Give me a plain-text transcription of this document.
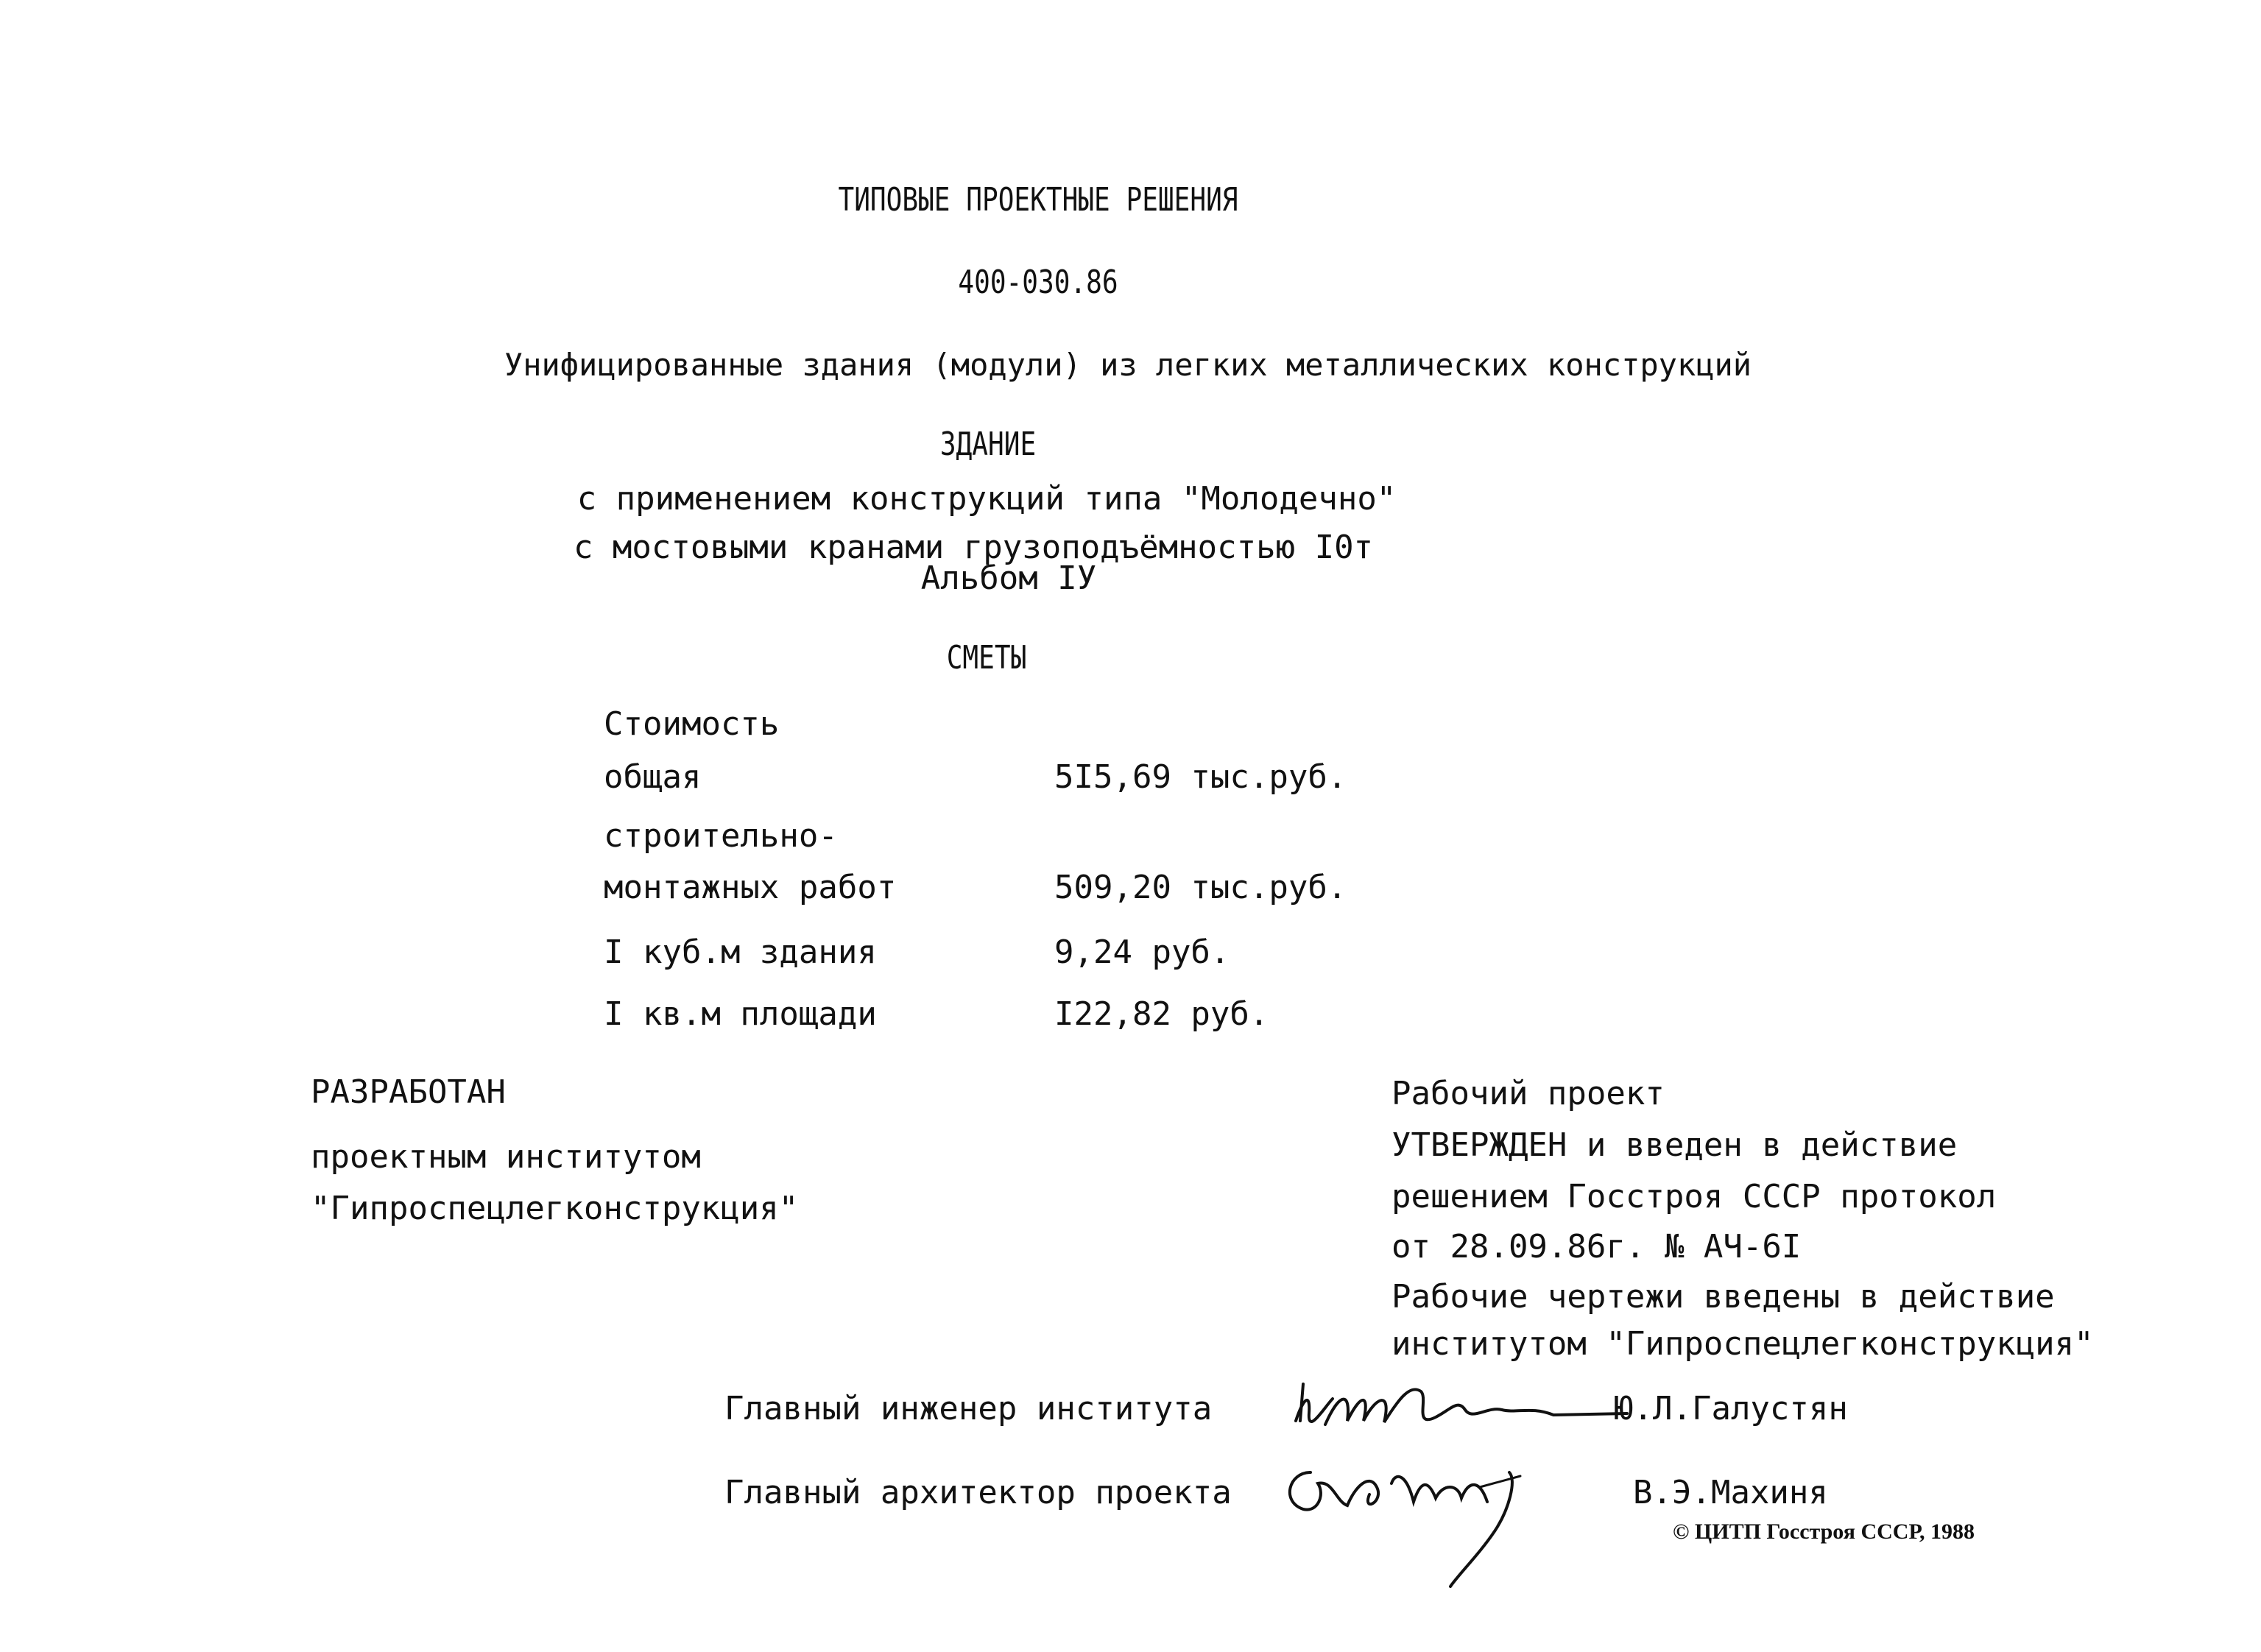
ТИПОВЫЕ ПРОЕКТНЫЕ РЕШЕНИЯ
400-030.86
Унифицированные здания (модули) из легких металлических конструкций
ЗДАНИЕ
с применением конструкций типа "Молодечно"
с мостовыми кранами грузоподъёмностью I0т
Альбом IУ
СМЕТЫ
Стоимость
общая	5I5,69 тыс.руб.
строительно-
монтажных работ	509,20 тыс.руб.
I куб.м здания	9,24 руб.
I кв.м площади	I22,82 руб.
РАЗРАБОТАН
проектным институтом
"Гипроспецлегконструкция"
Рабочий проект
УТВЕРЖДЕН и введен в действие
решением Госстроя СССР протокол
от 28.09.86г. № АЧ-6I
Рабочие чертежи введены в действие
институтом "Гипроспецлегконструкция"
Главный инженер института	Ю.Л.Галустян
Главный архитектор проекта	В.Э.Махиня
© ЦИТП Госстроя СССР, 1988
